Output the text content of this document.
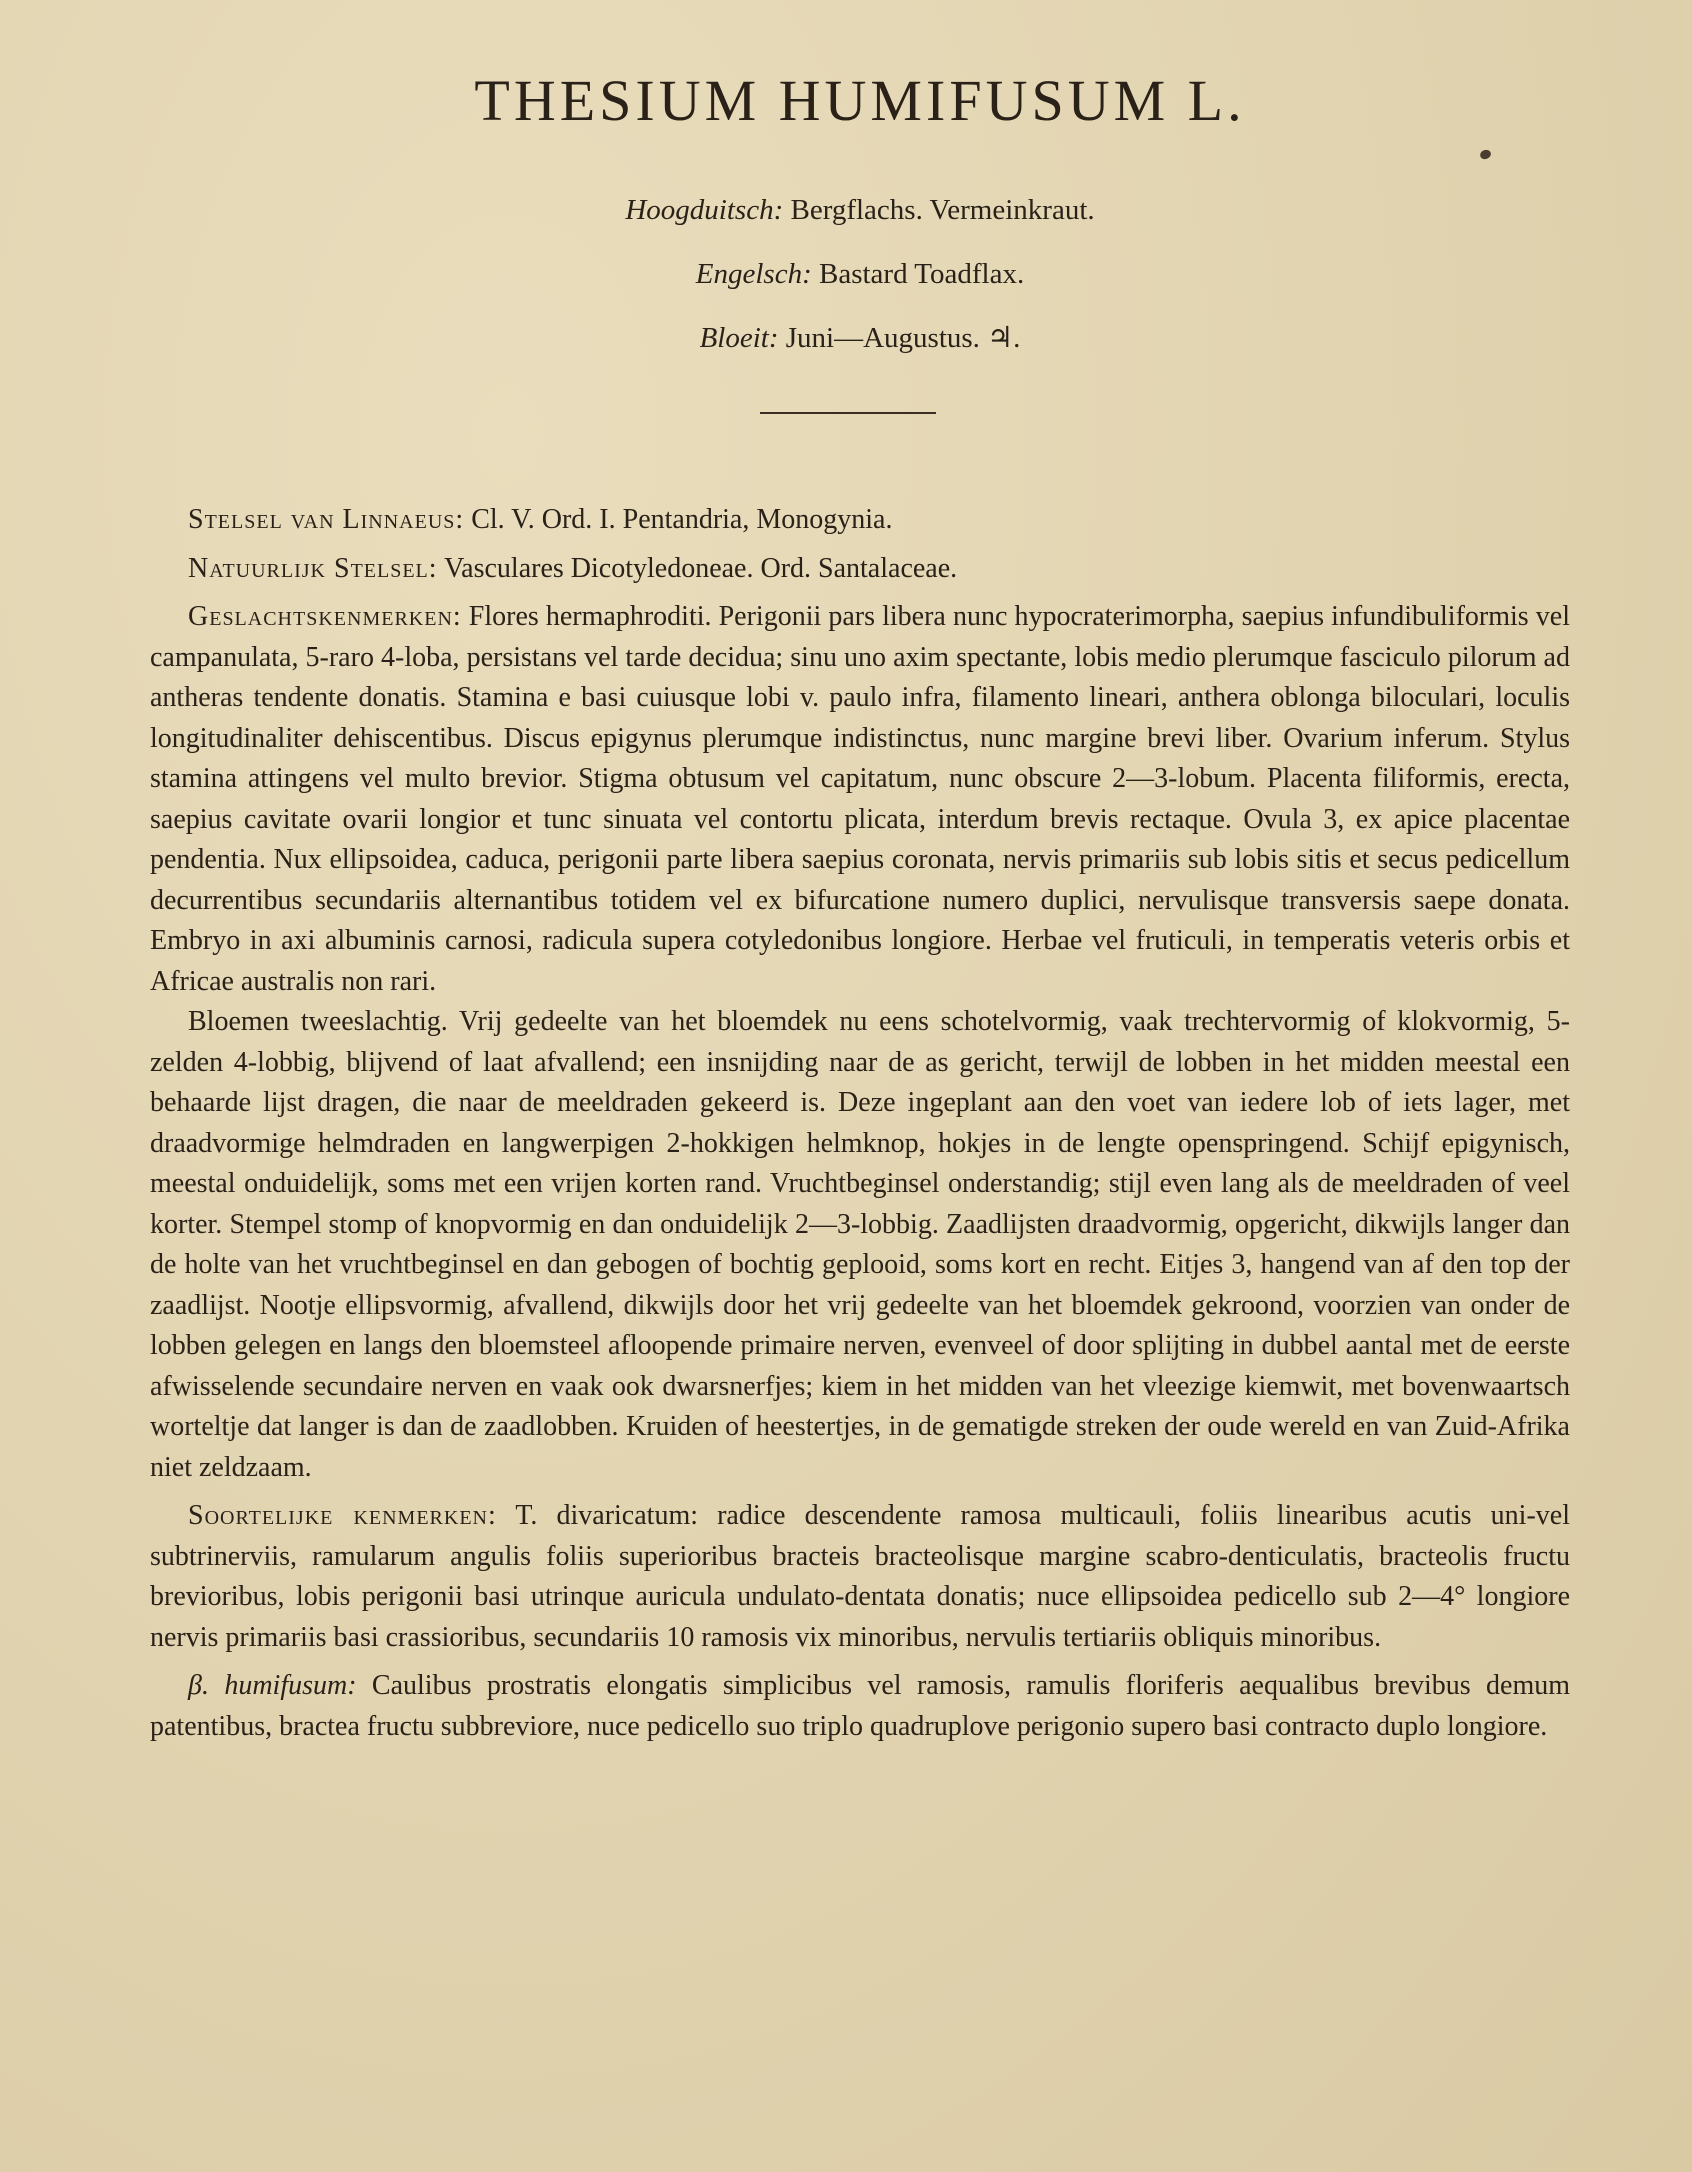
THESIUM HUMIFUSUM L.
Hoogduitsch: Bergflachs. Vermeinkraut.
Engelsch: Bastard Toadflax.
Bloeit: Juni—Augustus. ♃.

Stelsel van Linnaeus: Cl. V. Ord. I. Pentandria, Monogynia.

Natuurlijk Stelsel: Vasculares Dicotyledoneae. Ord. Santalaceae.

Geslachtskenmerken: Flores hermaphroditi. Perigonii pars libera nunc hypocraterimorpha, saepius infundibuliformis vel campanulata, 5-raro 4-loba, persistans vel tarde decidua; sinu uno axim spectante, lobis medio plerumque fasciculo pilorum ad antheras tendente donatis. Stamina e basi cuiusque lobi v. paulo infra, filamento lineari, anthera oblonga biloculari, loculis longitudinaliter dehiscentibus. Discus epigynus plerumque indistinctus, nunc margine brevi liber. Ovarium inferum. Stylus stamina attingens vel multo brevior. Stigma obtusum vel capitatum, nunc obscure 2—3-lobum. Placenta filiformis, erecta, saepius cavitate ovarii longior et tunc sinuata vel contortu plicata, interdum brevis rectaque. Ovula 3, ex apice placentae pendentia. Nux ellipsoidea, caduca, perigonii parte libera saepius coronata, nervis primariis sub lobis sitis et secus pedicellum decurrentibus secundariis alternantibus totidem vel ex bifurcatione numero duplici, nervulisque transversis saepe donata. Embryo in axi albuminis carnosi, radicula supera cotyledonibus longiore. Herbae vel fruticuli, in temperatis veteris orbis et Africae australis non rari.

Bloemen tweeslachtig. Vrij gedeelte van het bloemdek nu eens schotelvormig, vaak trechtervormig of klokvormig, 5- zelden 4-lobbig, blijvend of laat afvallend; een insnijding naar de as gericht, terwijl de lobben in het midden meestal een behaarde lijst dragen, die naar de meeldraden gekeerd is. Deze ingeplant aan den voet van iedere lob of iets lager, met draadvormige helmdraden en langwerpigen 2-hokkigen helmknop, hokjes in de lengte openspringend. Schijf epigynisch, meestal onduidelijk, soms met een vrijen korten rand. Vruchtbeginsel onderstandig; stijl even lang als de meeldraden of veel korter. Stempel stomp of knopvormig en dan onduidelijk 2—3-lobbig. Zaadlijsten draadvormig, opgericht, dikwijls langer dan de holte van het vruchtbeginsel en dan gebogen of bochtig geplooid, soms kort en recht. Eitjes 3, hangend van af den top der zaadlijst. Nootje ellipsvormig, afvallend, dikwijls door het vrij gedeelte van het bloemdek gekroond, voorzien van onder de lobben gelegen en langs den bloemsteel afloopende primaire nerven, evenveel of door splijting in dubbel aantal met de eerste afwisselende secundaire nerven en vaak ook dwarsnerfjes; kiem in het midden van het vleezige kiemwit, met bovenwaartsch worteltje dat langer is dan de zaadlobben. Kruiden of heestertjes, in de gematigde streken der oude wereld en van Zuid-Afrika niet zeldzaam.

Soortelijke kenmerken: T. divaricatum: radice descendente ramosa multicauli, foliis linearibus acutis uni-vel subtrinerviis, ramularum angulis foliis superioribus bracteis bracteolisque margine scabro-denticulatis, bracteolis fructu brevioribus, lobis perigonii basi utrinque auricula undulato-dentata donatis; nuce ellipsoidea pedicello sub 2—4° longiore nervis primariis basi crassioribus, secundariis 10 ramosis vix minoribus, nervulis tertiariis obliquis minoribus.

β. humifusum: Caulibus prostratis elongatis simplicibus vel ramosis, ramulis floriferis aequalibus brevibus demum patentibus, bractea fructu subbreviore, nuce pedicello suo triplo quadruplove perigonio supero basi contracto duplo longiore.
